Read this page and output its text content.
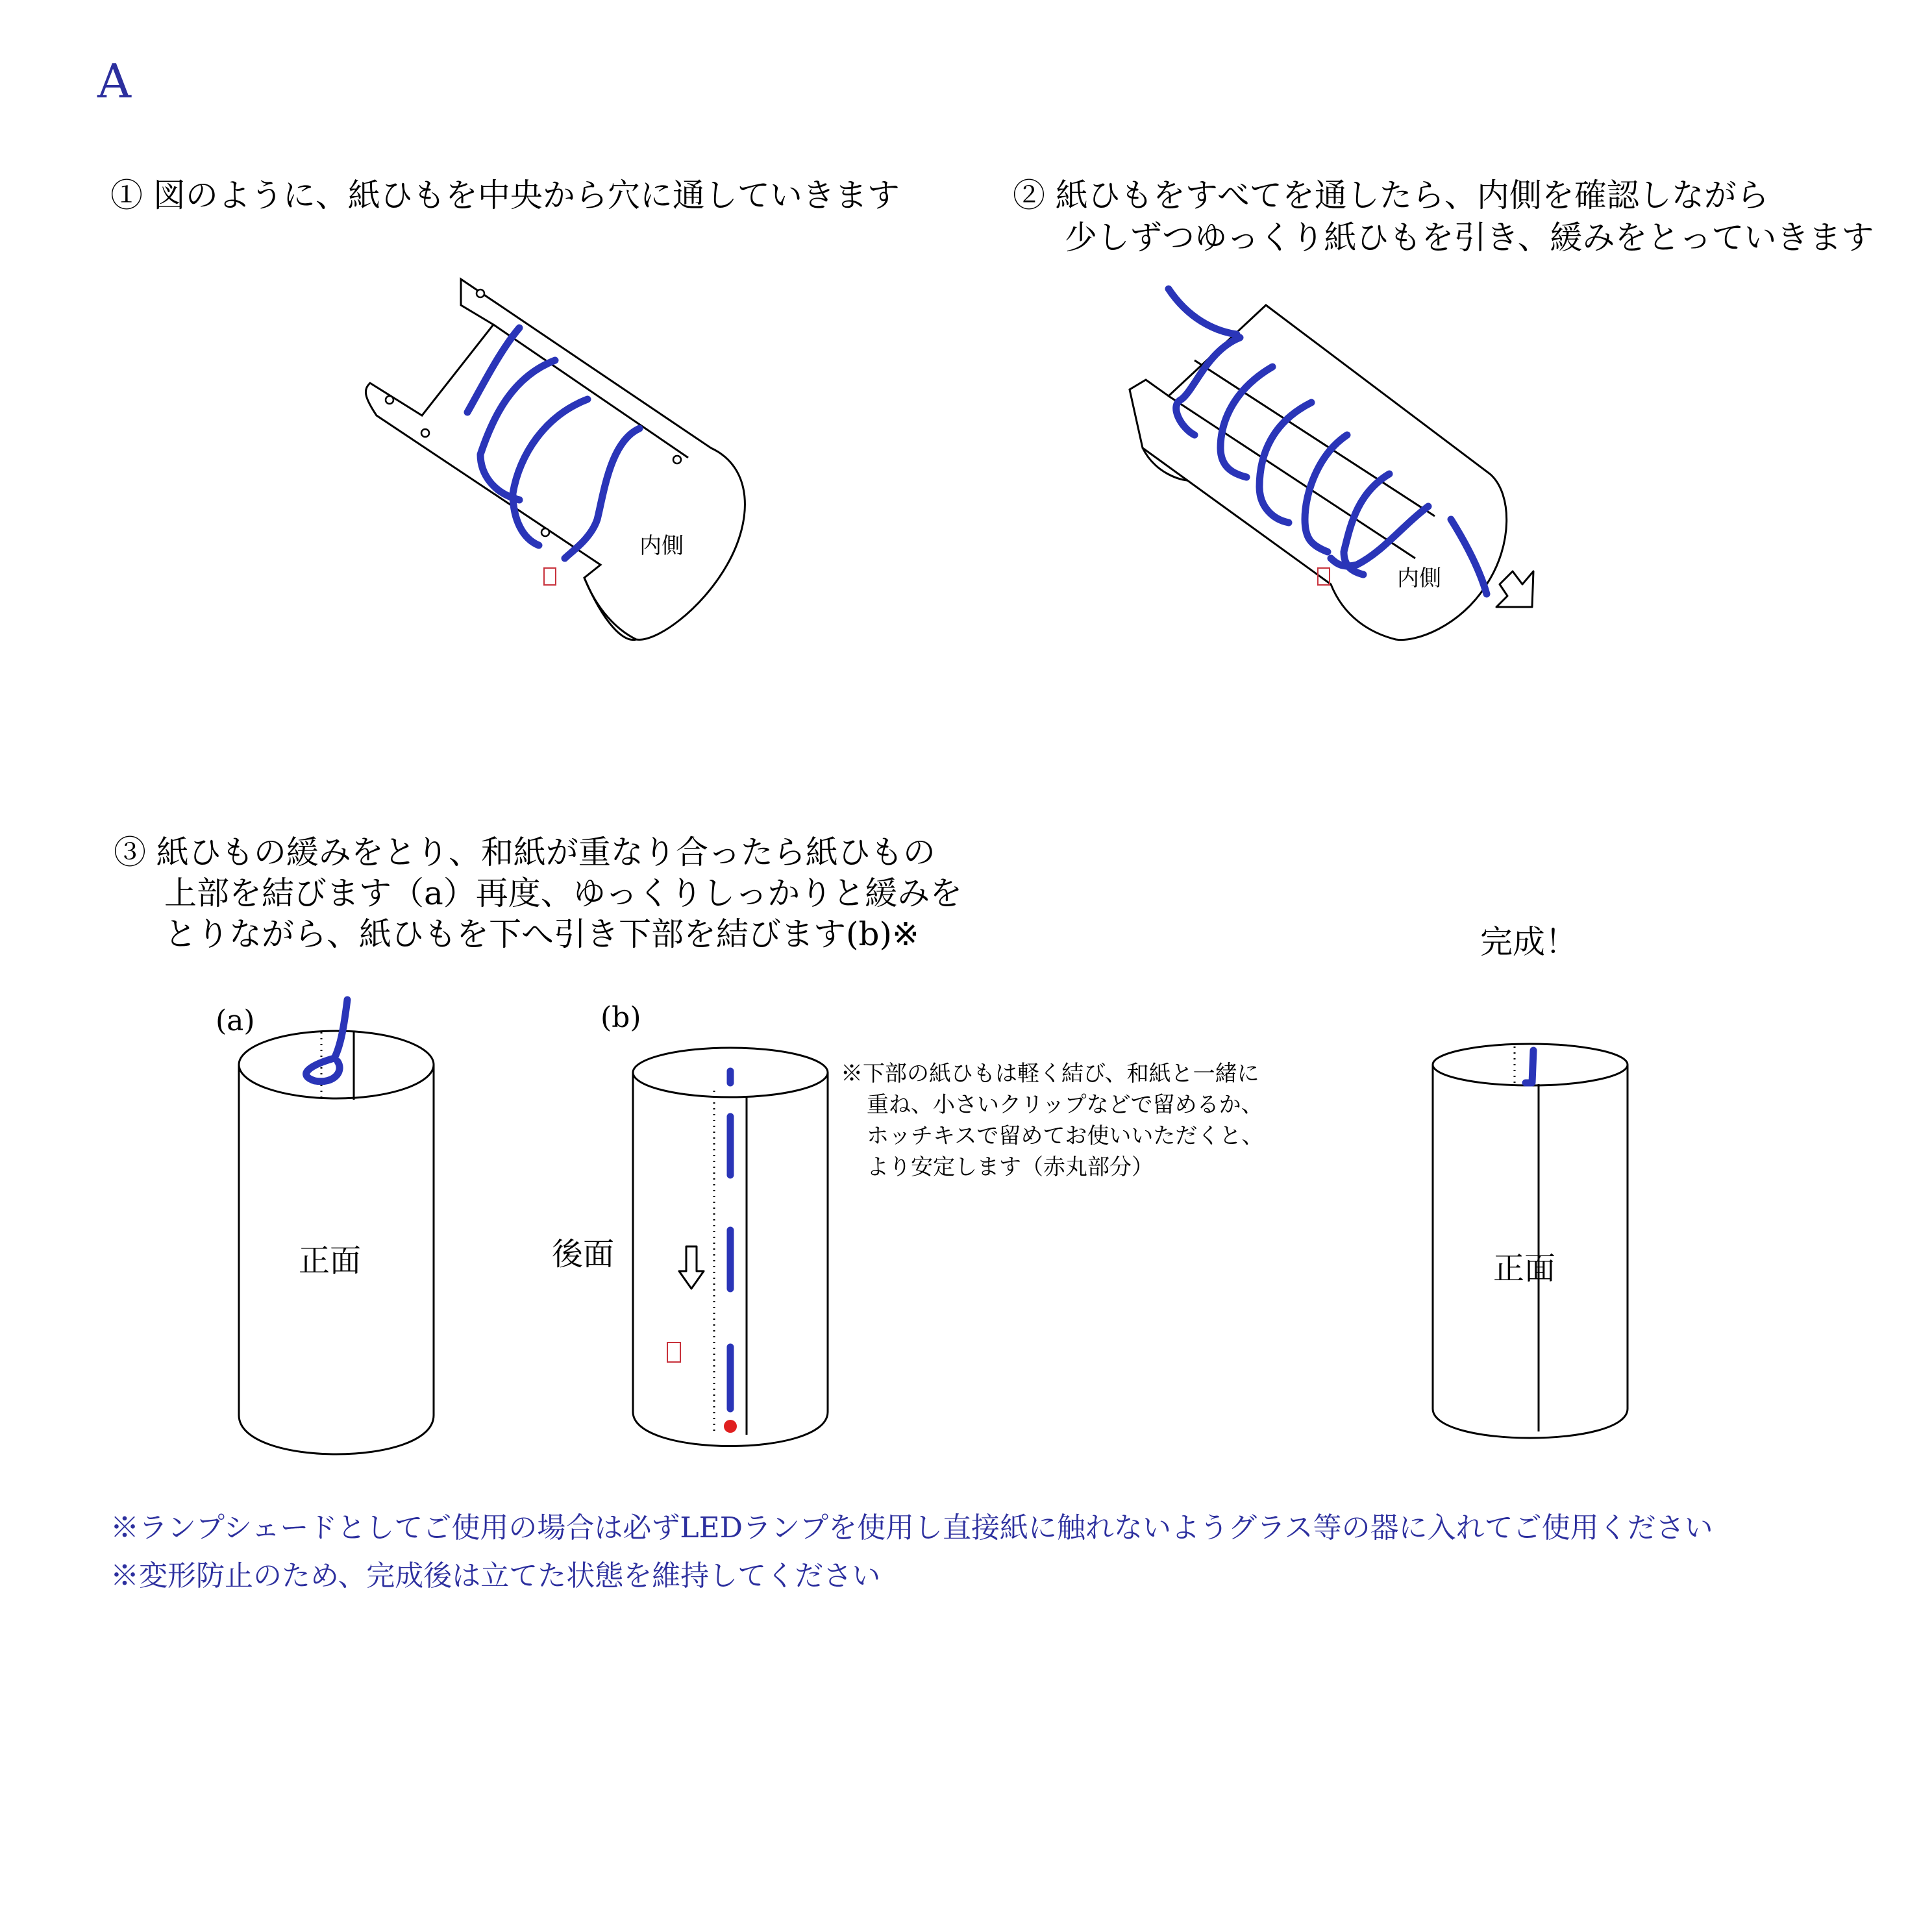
A
① 図のように、紙ひもを中央から穴に通していきます	② 紙ひもをすべてを通したら、内側を確認しながら
少しずつゆっくり紙ひもを引き、緩みをとっていきます
内側
内側
③ 紙ひもの緩みをとり、和紙が重なり合ったら紙ひもの
上部を結びます（a）再度、ゆっくりしっかりと緩みを
とりながら、紙ひもを下へ引き下部を結びます(b)※
(a)
正面
(b)
後面
※下部の紙ひもは軽く結び、和紙と一緒に
重ね、小さいクリップなどで留めるか、
ホッチキスで留めてお使いいただくと、
より安定します（赤丸部分）
完成！
正面
※ランプシェードとしてご使用の場合は必ずLEDランプを使用し直接紙に触れないようグラス等の器に入れてご使用ください
※変形防止のため、完成後は立てた状態を維持してください
